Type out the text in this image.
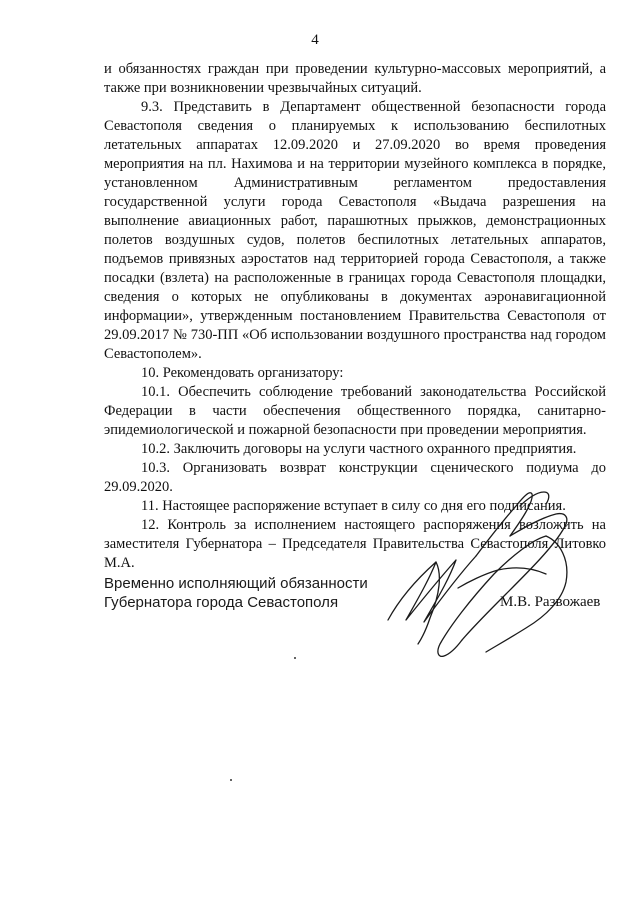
4

и обязанностях граждан при проведении культурно-массовых мероприятий, а также при возникновении чрезвычайных ситуаций.

9.3. Представить в Департамент общественной безопасности города Севастополя сведения о планируемых к использованию беспилотных летательных аппаратах 12.09.2020 и 27.09.2020 во время проведения мероприятия на пл. Нахимова и на территории музейного комплекса в порядке, установленном Административным регламентом предоставления государственной услуги города Севастополя «Выдача разрешения на выполнение авиационных работ, парашютных прыжков, демонстрационных полетов воздушных судов, полетов беспилотных летательных аппаратов, подъемов привязных аэростатов над территорией города Севастополя, а также посадки (взлета) на расположенные в границах города Севастополя площадки, сведения о которых не опубликованы в документах аэронавигационной информации», утвержденным постановлением Правительства Севастополя от 29.09.2017 № 730-ПП «Об использовании воздушного пространства над городом Севастополем».

10. Рекомендовать организатору:

10.1. Обеспечить соблюдение требований законодательства Российской Федерации в части обеспечения общественного порядка, санитарно-эпидемиологической и пожарной безопасности при проведении мероприятия.

10.2. Заключить договоры на услуги частного охранного предприятия.

10.3. Организовать возврат конструкции сценического подиума до 29.09.2020.

11. Настоящее распоряжение вступает в силу со дня его подписания.

12. Контроль за исполнением настоящего распоряжения возложить на заместителя Губернатора – Председателя Правительства Севастополя Литовко М.А.

Временно исполняющий обязанности
Губернатора города Севастополя	М.В. Развожаев
